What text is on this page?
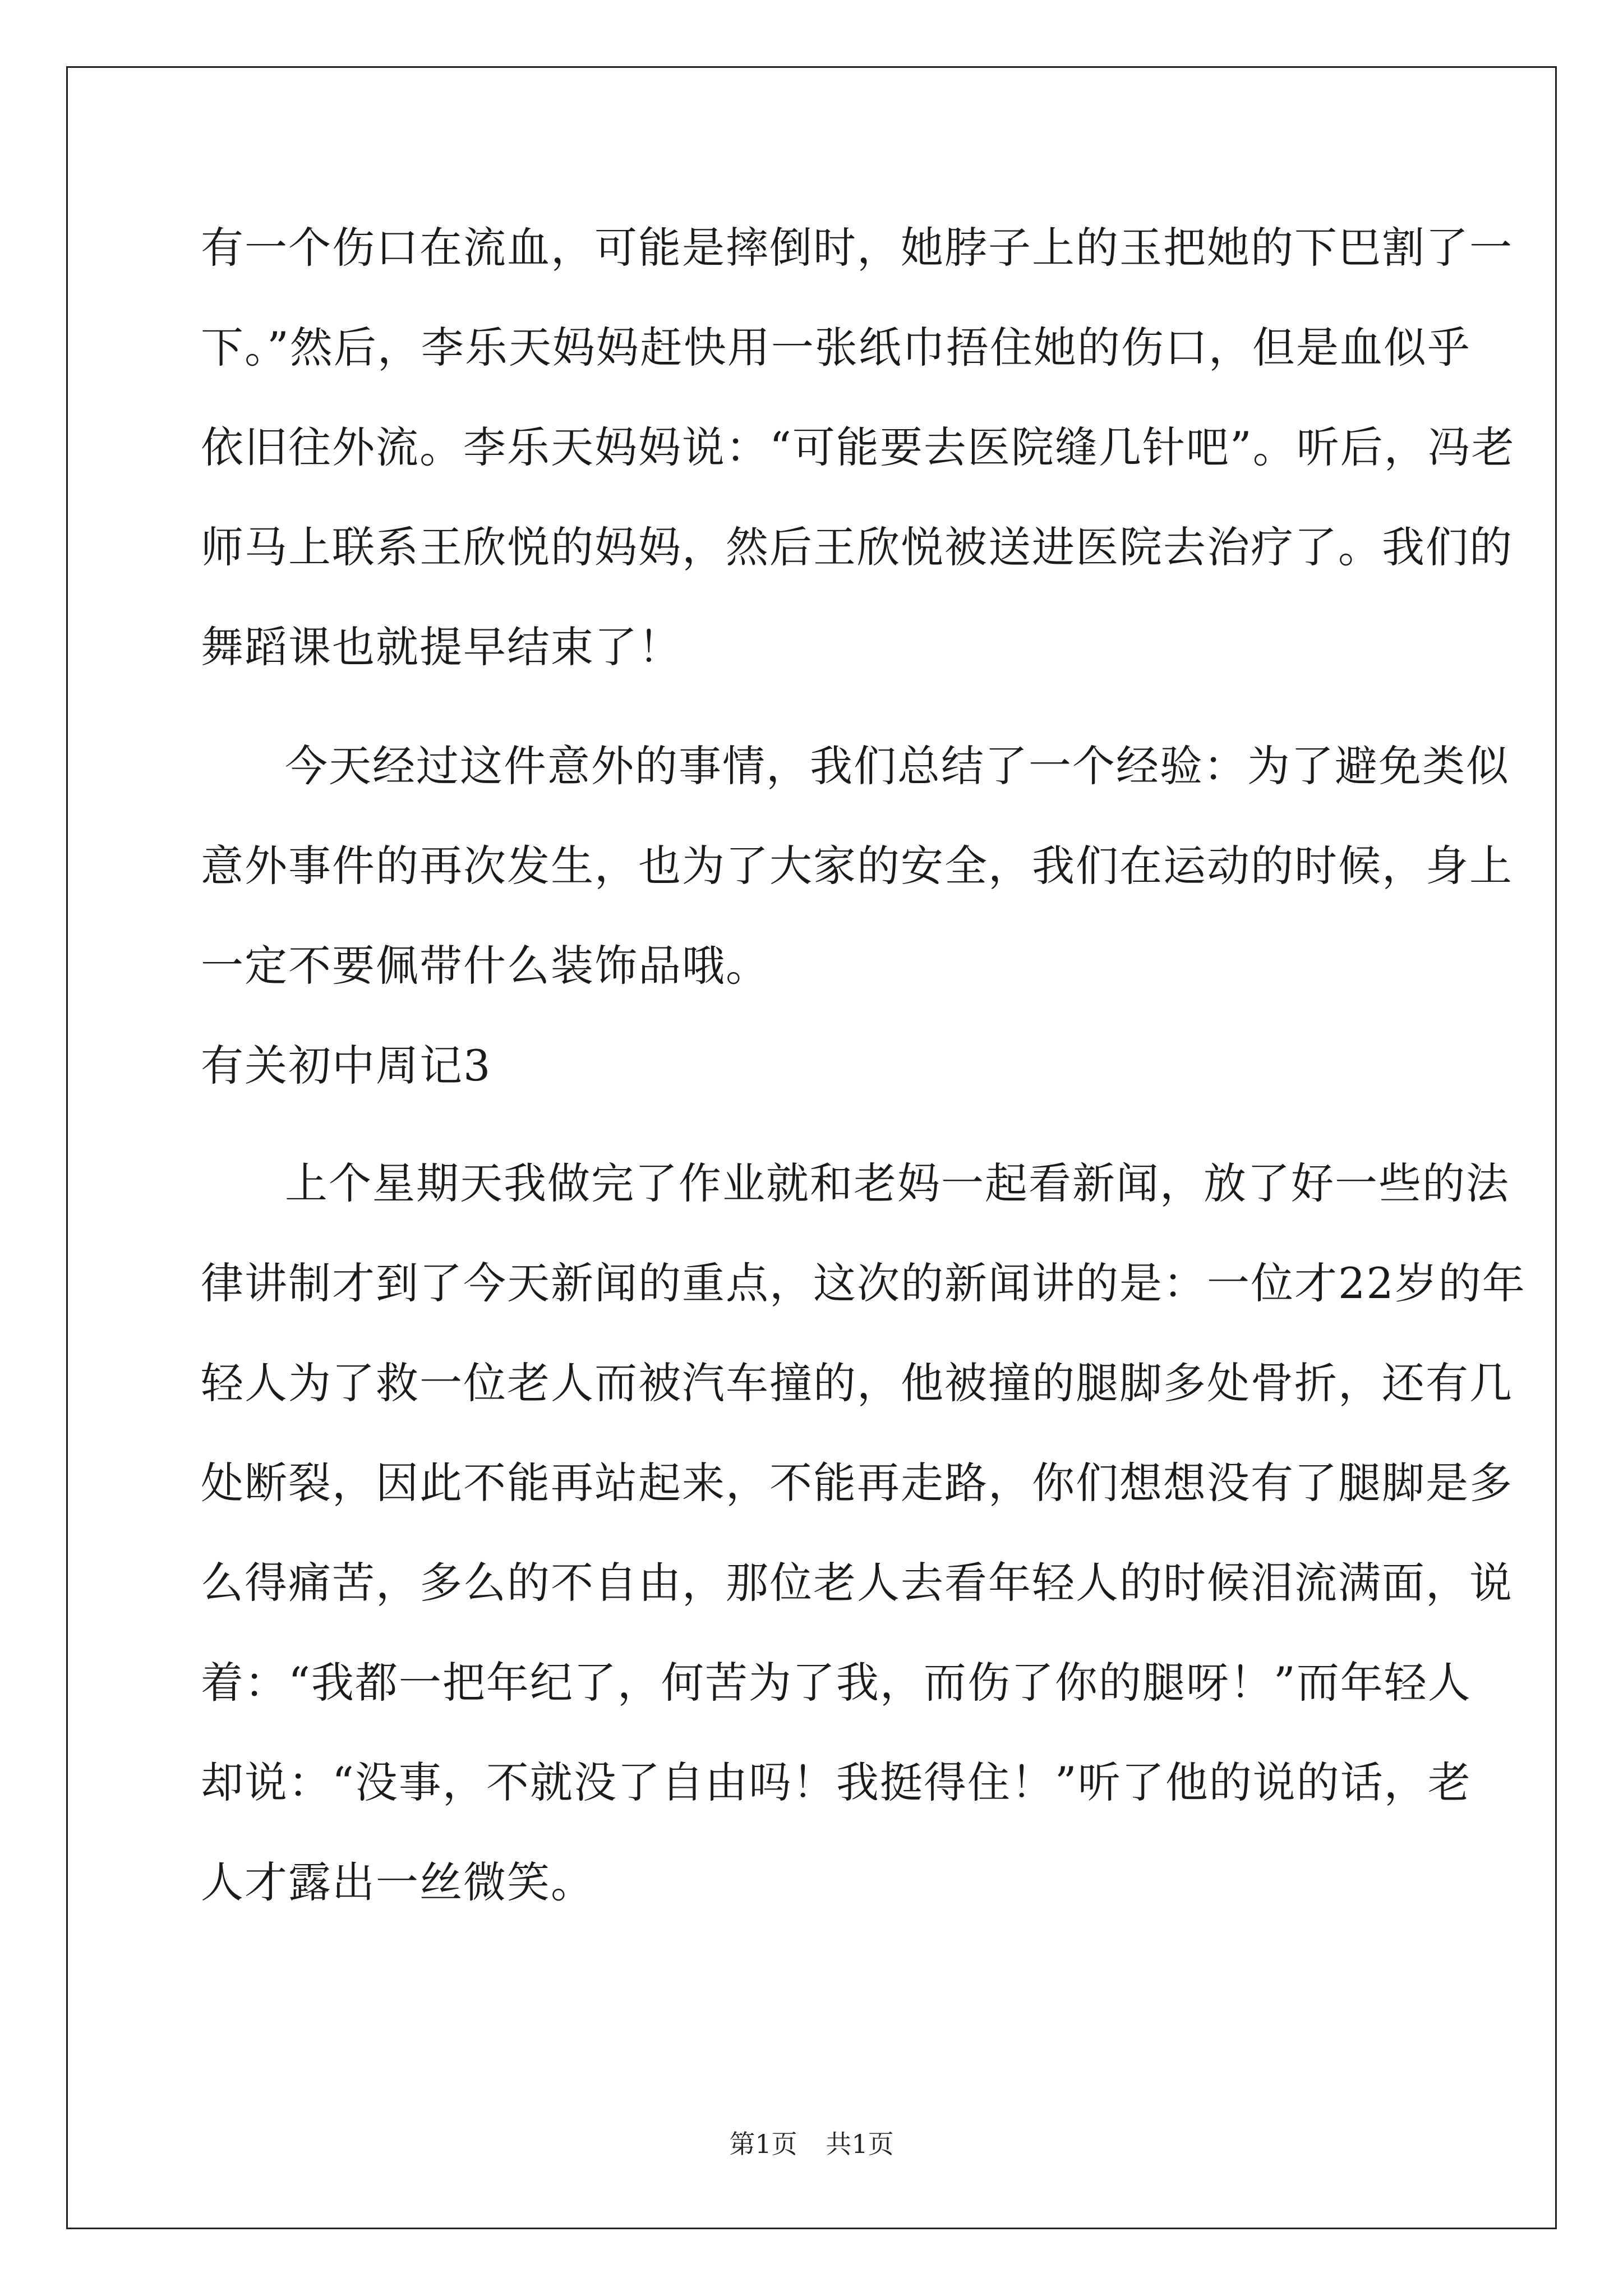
有一个伤口在流血，可能是摔倒时，她脖子上的玉把她的下巴割了一
下。”然后，李乐天妈妈赶快用一张纸巾捂住她的伤口，但是血似乎
依旧往外流。李乐天妈妈说：“可能要去医院缝几针吧”。听后，冯老
师马上联系王欣悦的妈妈，然后王欣悦被送进医院去治疗了。我们的
舞蹈课也就提早结束了！
今天经过这件意外的事情，我们总结了一个经验：为了避免类似
意外事件的再次发生，也为了大家的安全，我们在运动的时候，身上
一定不要佩带什么装饰品哦。
有关初中周记3
上个星期天我做完了作业就和老妈一起看新闻，放了好一些的法
律讲制才到了今天新闻的重点，这次的新闻讲的是：一位才22岁的年
轻人为了救一位老人而被汽车撞的，他被撞的腿脚多处骨折，还有几
处断裂，因此不能再站起来，不能再走路，你们想想没有了腿脚是多
么得痛苦，多么的不自由，那位老人去看年轻人的时候泪流满面，说
着：“我都一把年纪了，何苦为了我，而伤了你的腿呀！”而年轻人
却说：“没事，不就没了自由吗！我挺得住！”听了他的说的话，老
人才露出一丝微笑。
第1页 共1页
